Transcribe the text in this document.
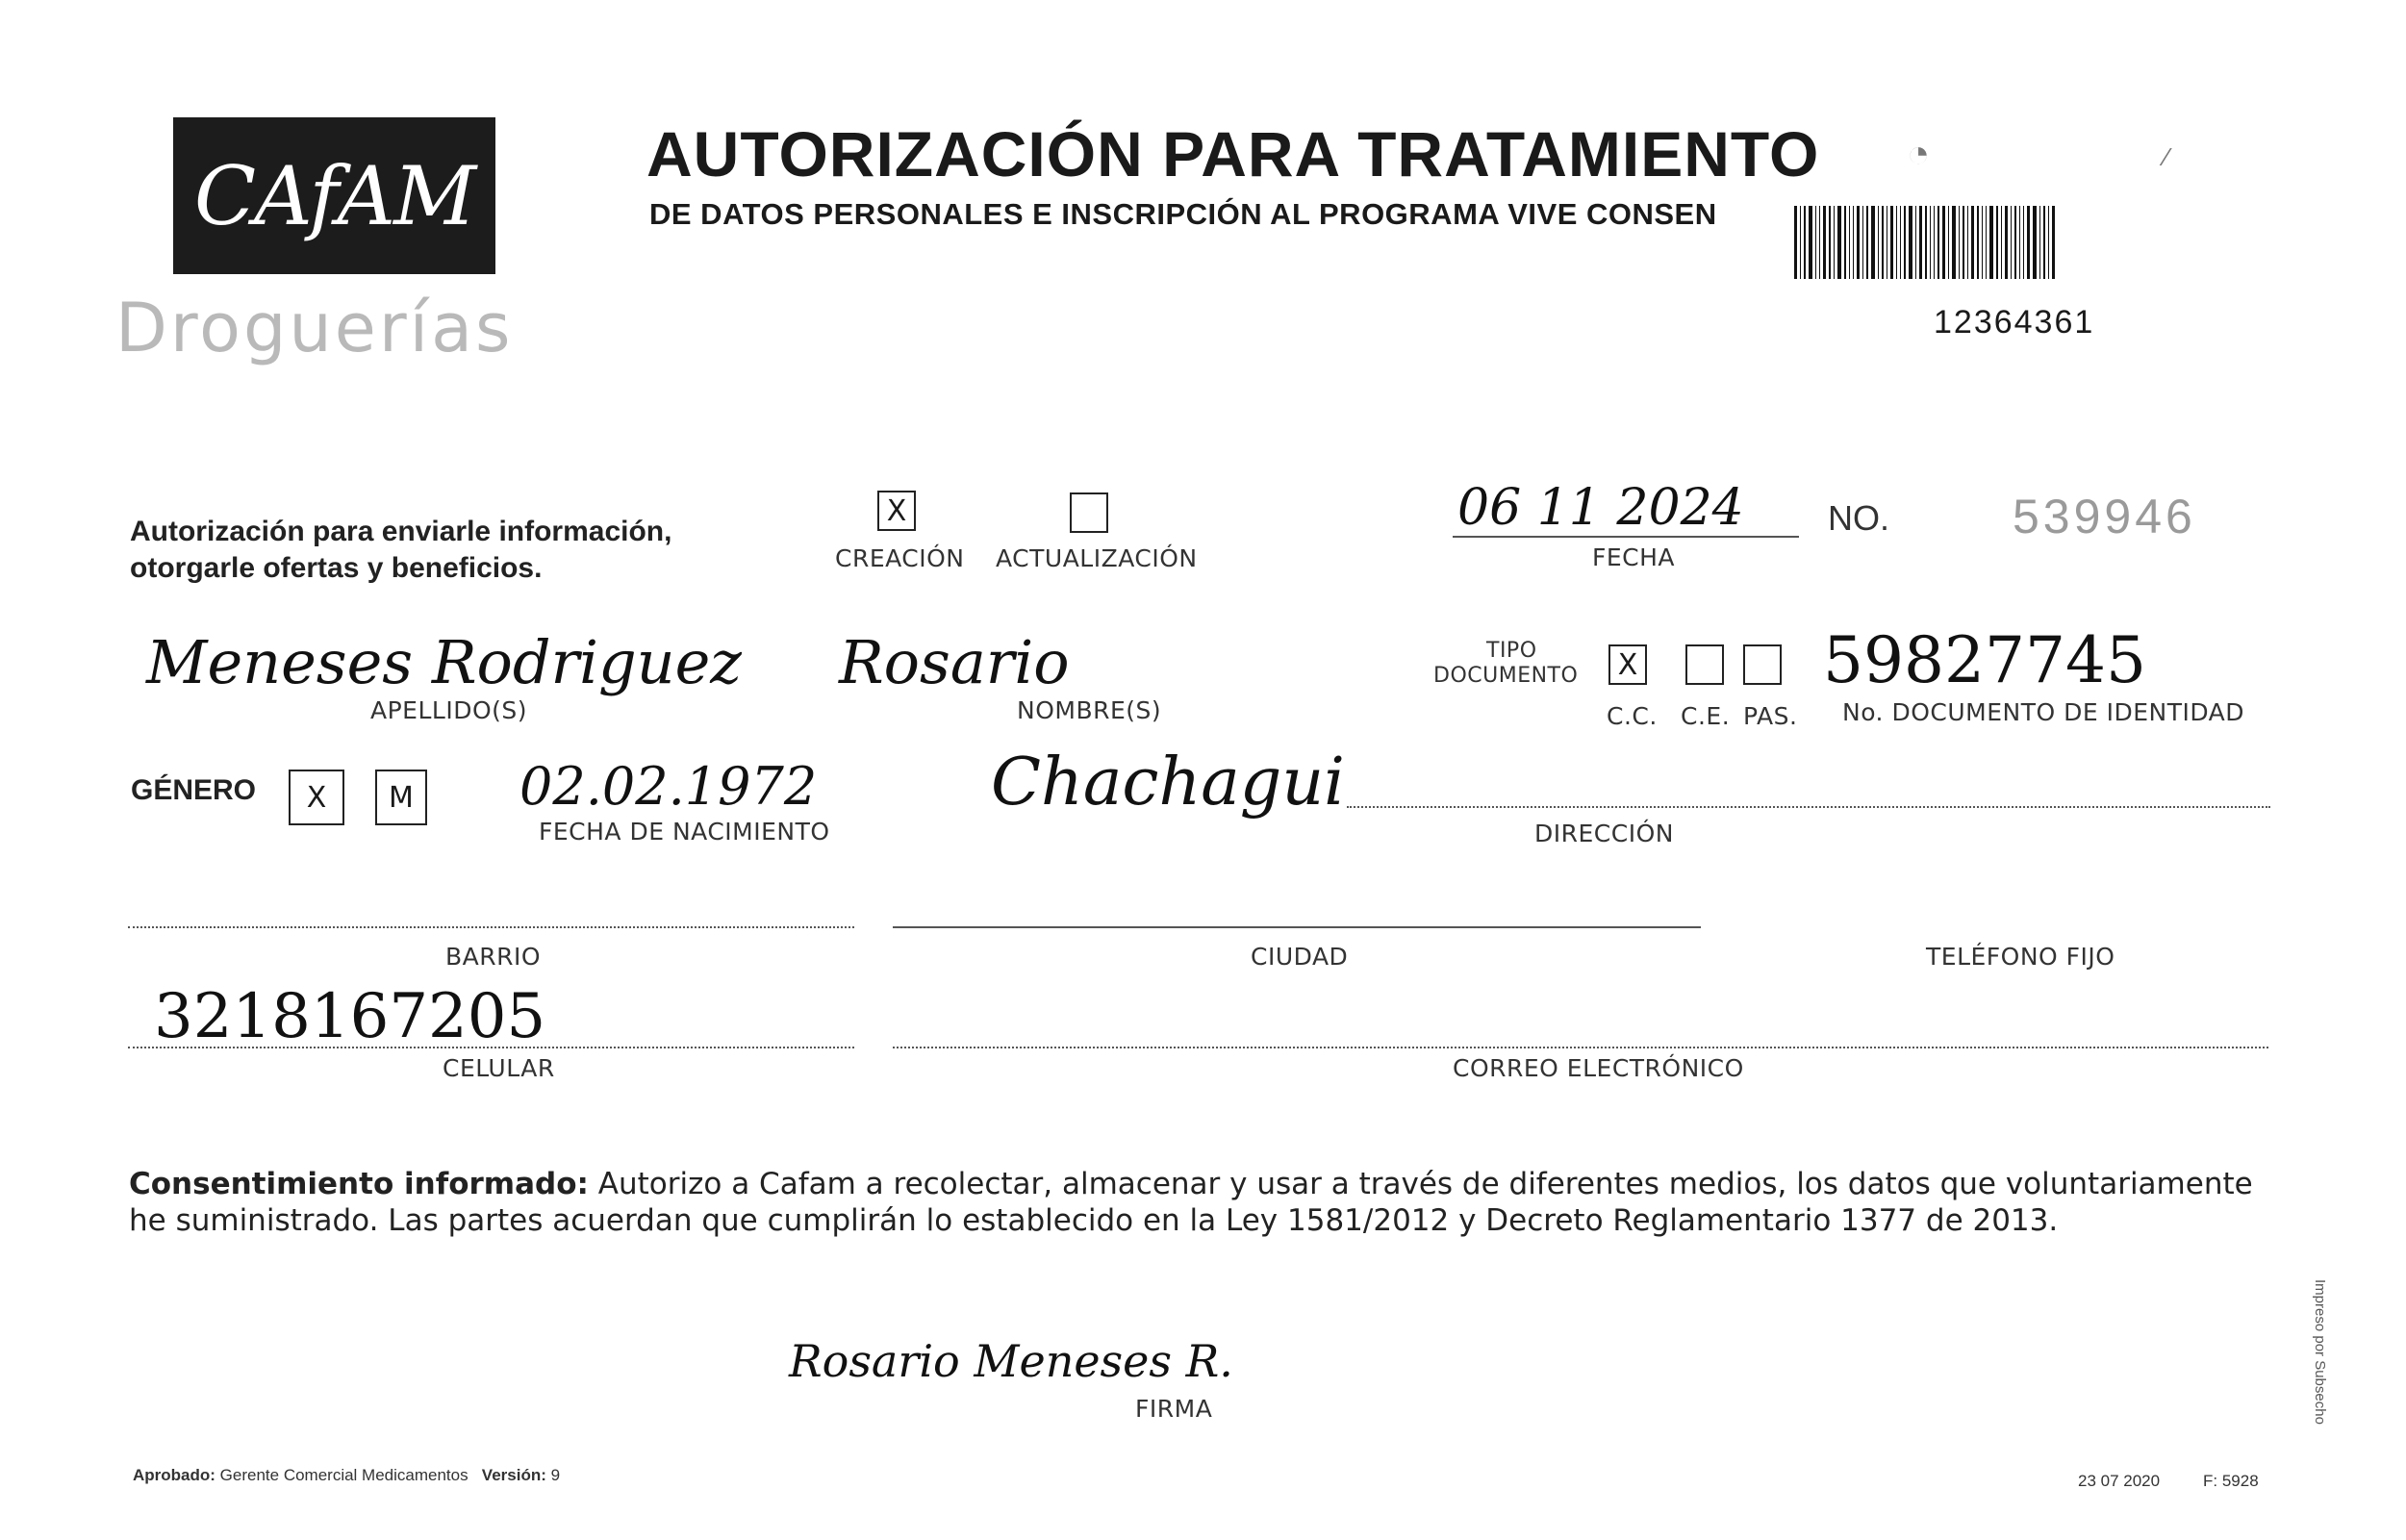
CAfAM
Droguerías
AUTORIZACIÓN PARA TRATAMIENTO
DE DATOS PERSONALES E INSCRIPCIÓN AL PROGRAMA VIVE CONSEN
◔	⁄
12364361
Autorización para enviarle información,
otorgarle ofertas y beneficios.
X
CREACIÓN ACTUALIZACIÓN
06 11 2024
FECHA
NO.	539946
Meneses Rodriguez
APELLIDO(S)
Rosario
NOMBRE(S)
TIPO
DOCUMENTO	X
C.C. C.E. PAS.
59827745
No. DOCUMENTO DE IDENTIDAD
GÉNERO	X	M 02.02.1972
FECHA DE NACIMIENTO
Chachagui
DIRECCIÓN
BARRIO	CIUDAD	TELÉFONO FIJO
3218167205
CELULAR	CORREO ELECTRÓNICO
Consentimiento informado: Autorizo a Cafam a recolectar, almacenar y usar a través de diferentes medios, los datos que voluntariamente he suministrado. Las partes acuerdan que cumplirán lo establecido en la Ley 1581/2012 y Decreto Reglamentario 1377 de 2013.
Rosario Meneses R.
FIRMA
Aprobado: Gerente Comercial Medicamentos Versión: 9	23 07 2020	F: 5928
Impreso por Subsecho
